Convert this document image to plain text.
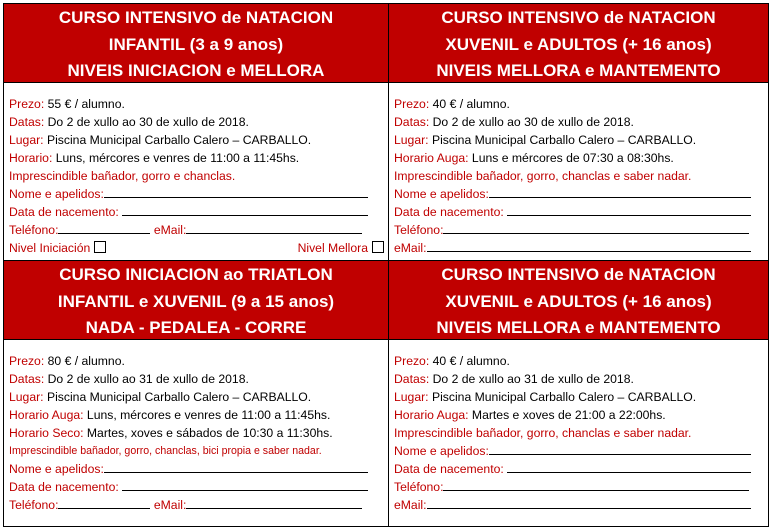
CURSO INTENSIVO de NATACION
INFANTIL (3 a 9 anos)
NIVEIS INICIACION e MELLORA
Prezo: 55 € / alumno.
Datas: Do 2 de xullo ao 30 de xullo de 2018.
Lugar: Piscina Municipal Carballo Calero – CARBALLO.
Horario: Luns, mércores e venres de 11:00 a 11:45hs.
Imprescindible bañador, gorro e chanclas.
Nome e apelidos:
Data de nacemento:
Teléfono:	eMail:
Nivel Iniciación	Nivel Mellora
CURSO INTENSIVO de NATACION
XUVENIL e ADULTOS (+ 16 anos)
NIVEIS MELLORA e MANTEMENTO
Prezo: 40 € / alumno.
Datas: Do 2 de xullo ao 30 de xullo de 2018.
Lugar: Piscina Municipal Carballo Calero – CARBALLO.
Horario Auga: Luns e mércores de 07:30 a 08:30hs.
Imprescindible bañador, gorro, chanclas e saber nadar.
Nome e apelidos:
Data de nacemento:
Teléfono:
eMail:
CURSO INICIACION ao TRIATLON
INFANTIL e XUVENIL (9 a 15 anos)
NADA - PEDALEA - CORRE
Prezo: 80 € / alumno.
Datas: Do 2 de xullo ao 31 de xullo de 2018.
Lugar: Piscina Municipal Carballo Calero – CARBALLO.
Horario Auga: Luns, mércores e venres de 11:00 a 11:45hs.
Horario Seco: Martes, xoves e sábados de 10:30 a 11:30hs.
Imprescindible bañador, gorro, chanclas, bici propia e saber nadar.
Nome e apelidos:
Data de nacemento:
Teléfono:	eMail:
CURSO INTENSIVO de NATACION
XUVENIL e ADULTOS (+ 16 anos)
NIVEIS MELLORA e MANTEMENTO
Prezo: 40 € / alumno.
Datas: Do 2 de xullo ao 31 de xullo de 2018.
Lugar: Piscina Municipal Carballo Calero – CARBALLO.
Horario Auga: Martes e xoves de 21:00 a 22:00hs.
Imprescindible bañador, gorro, chanclas e saber nadar.
Nome e apelidos:
Data de nacemento:
Teléfono:
eMail:
